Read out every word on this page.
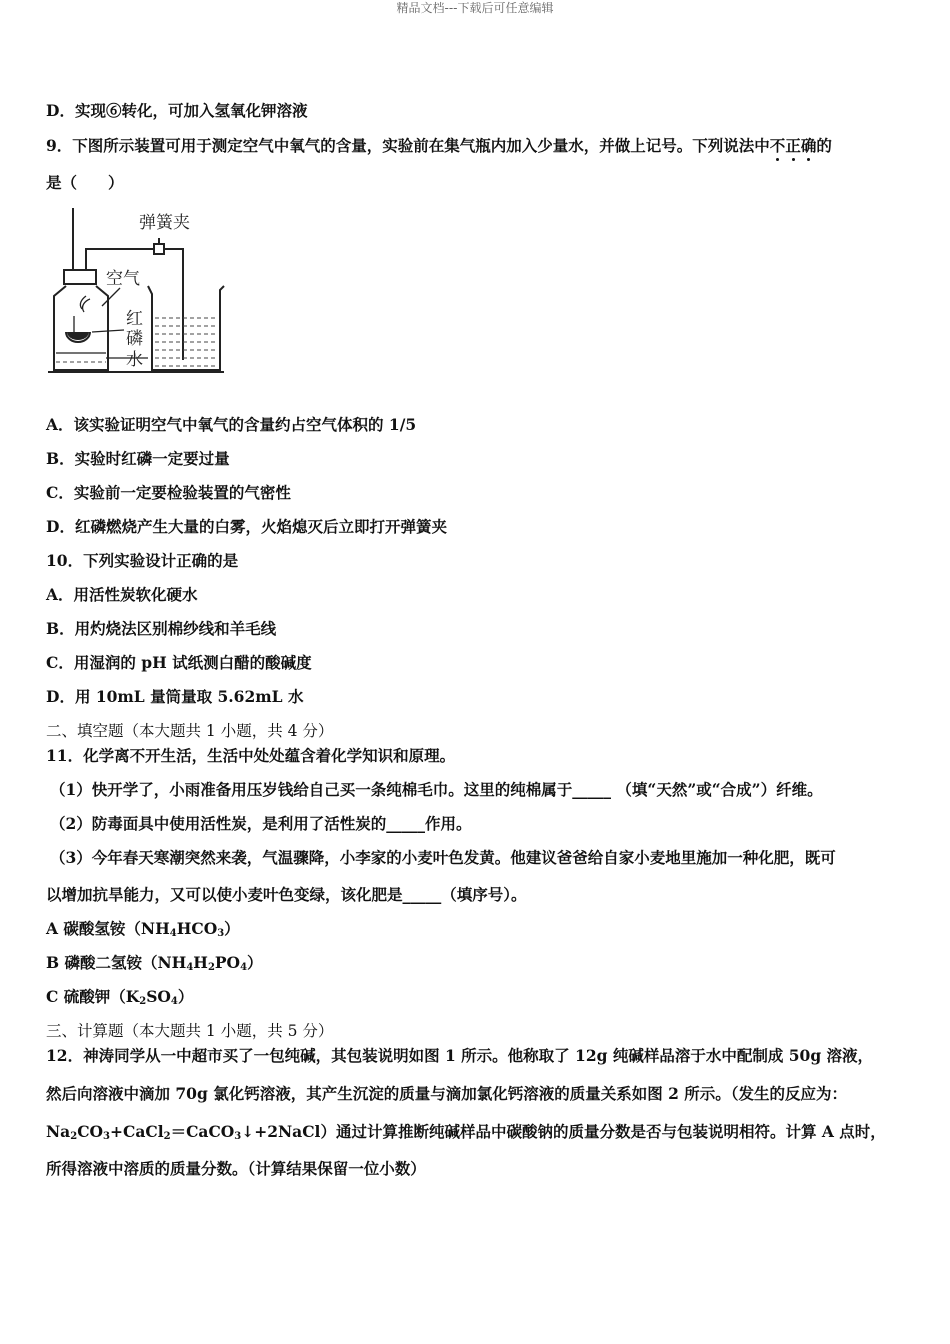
精品文档---下载后可任意编辑
D．实现⑥转化，可加入氢氧化钾溶液
9．下图所示装置可用于测定空气中氧气的含量，实验前在集气瓶内加入少量水，并做上记号。下列说法中不正确的
是（　　）
弹簧夹
空气
红
磷
水
A．该实验证明空气中氧气的含量约占空气体积的 1/5
B．实验时红磷一定要过量
C．实验前一定要检验装置的气密性
D．红磷燃烧产生大量的白雾，火焰熄灭后立即打开弹簧夹
10．下列实验设计正确的是
A．用活性炭软化硬水
B．用灼烧法区别棉纱线和羊毛线
C．用湿润的 pH 试纸测白醋的酸碱度
D．用 10mL 量筒量取 5.62mL 水
二、填空题（本大题共 1 小题，共 4 分）
11．化学离不开生活，生活中处处蕴含着化学知识和原理。
（1）快开学了，小雨准备用压岁钱给自己买一条纯棉毛巾。这里的纯棉属于_____ （填“天然”或“合成”）纤维。
（2）防毒面具中使用活性炭，是利用了活性炭的_____作用。
（3）今年春天寒潮突然来袭，气温骤降，小李家的小麦叶色发黄。他建议爸爸给自家小麦地里施加一种化肥，既可
以增加抗旱能力，又可以使小麦叶色变绿，该化肥是_____（填序号）。
A 碳酸氢铵$(NH_4HCO_3)$
B 磷酸二氢铵$(NH_4H_2PO_4)$
C 硫酸钾$(K_2SO_4)$
三、计算题（本大题共 1 小题，共 5 分）
12．神涛同学从一中超市买了一包纯碱，其包装说明如图 1 所示。他称取了 12g 纯碱样品溶于水中配制成 50g 溶液，
然后向溶液中滴加 70g 氯化钙溶液，其产生沉淀的质量与滴加氯化钙溶液的质量关系如图 2 所示。（发生的反应为：
$Na_2CO_3+CaCl_2=CaCO_3↓+2NaCl$）通过计算推断纯碱样品中碳酸钠的质量分数是否与包装说明相符。计算 A 点时，
所得溶液中溶质的质量分数。（计算结果保留一位小数）
